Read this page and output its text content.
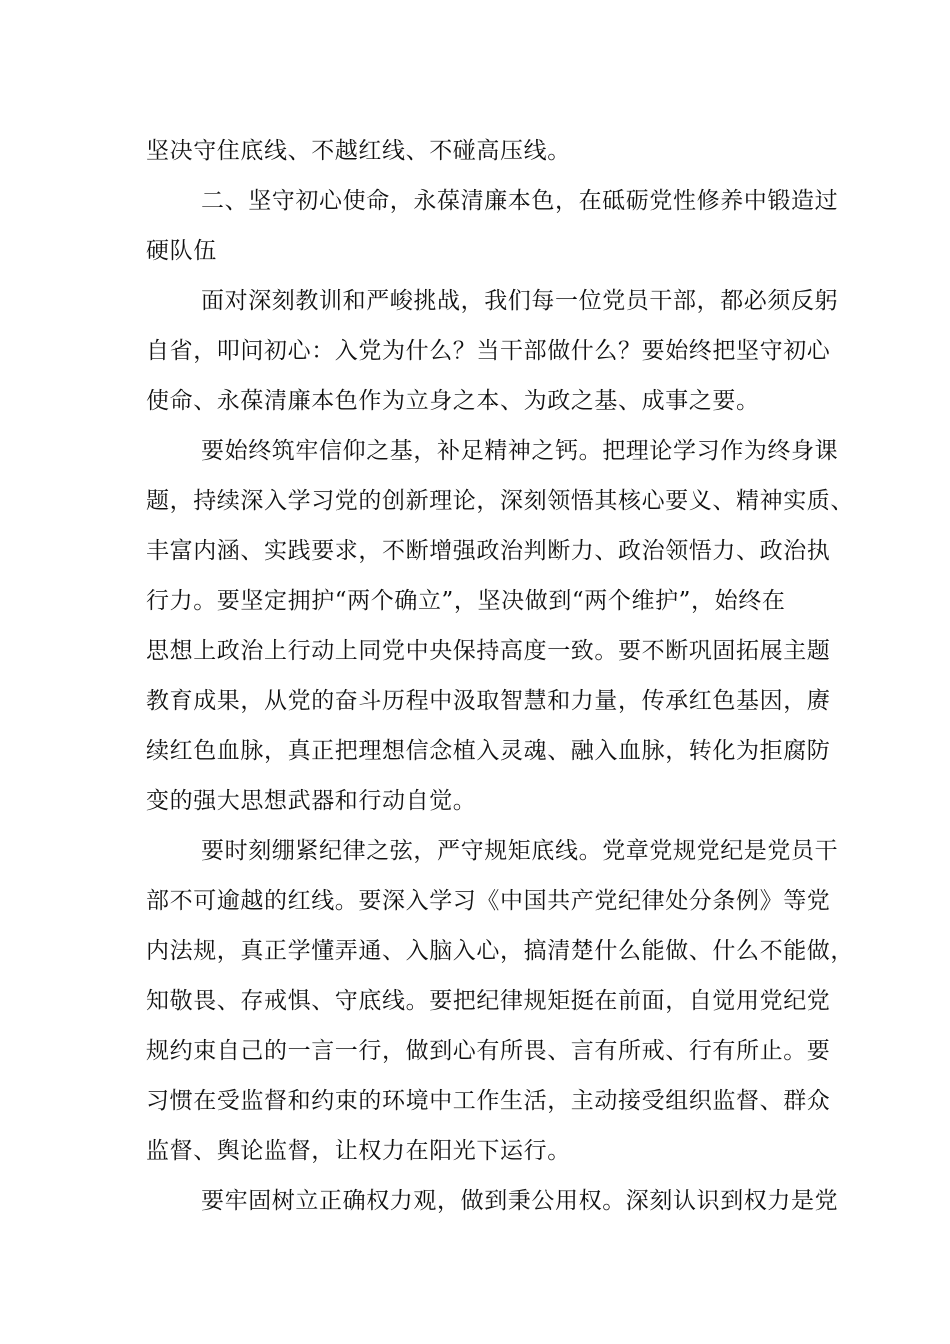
坚决守住底线、不越红线、不碰高压线。
二、坚守初心使命，永葆清廉本色，在砥砺党性修养中锻造过
硬队伍
面对深刻教训和严峻挑战，我们每一位党员干部，都必须反躬
自省，叩问初心：入党为什么？当干部做什么？要始终把坚守初心
使命、永葆清廉本色作为立身之本、为政之基、成事之要。
要始终筑牢信仰之基，补足精神之钙。把理论学习作为终身课
题，持续深入学习党的创新理论，深刻领悟其核心要义、精神实质、
丰富内涵、实践要求，不断增强政治判断力、政治领悟力、政治执
行力。要坚定拥护“两个确立”，坚决做到“两个维护”，始终在
思想上政治上行动上同党中央保持高度一致。要不断巩固拓展主题
教育成果，从党的奋斗历程中汲取智慧和力量，传承红色基因，赓
续红色血脉，真正把理想信念植入灵魂、融入血脉，转化为拒腐防
变的强大思想武器和行动自觉。
要时刻绷紧纪律之弦，严守规矩底线。党章党规党纪是党员干
部不可逾越的红线。要深入学习《中国共产党纪律处分条例》等党
内法规，真正学懂弄通、入脑入心，搞清楚什么能做、什么不能做，
知敬畏、存戒惧、守底线。要把纪律规矩挺在前面，自觉用党纪党
规约束自己的一言一行，做到心有所畏、言有所戒、行有所止。要
习惯在受监督和约束的环境中工作生活，主动接受组织监督、群众
监督、舆论监督，让权力在阳光下运行。
要牢固树立正确权力观，做到秉公用权。深刻认识到权力是党
